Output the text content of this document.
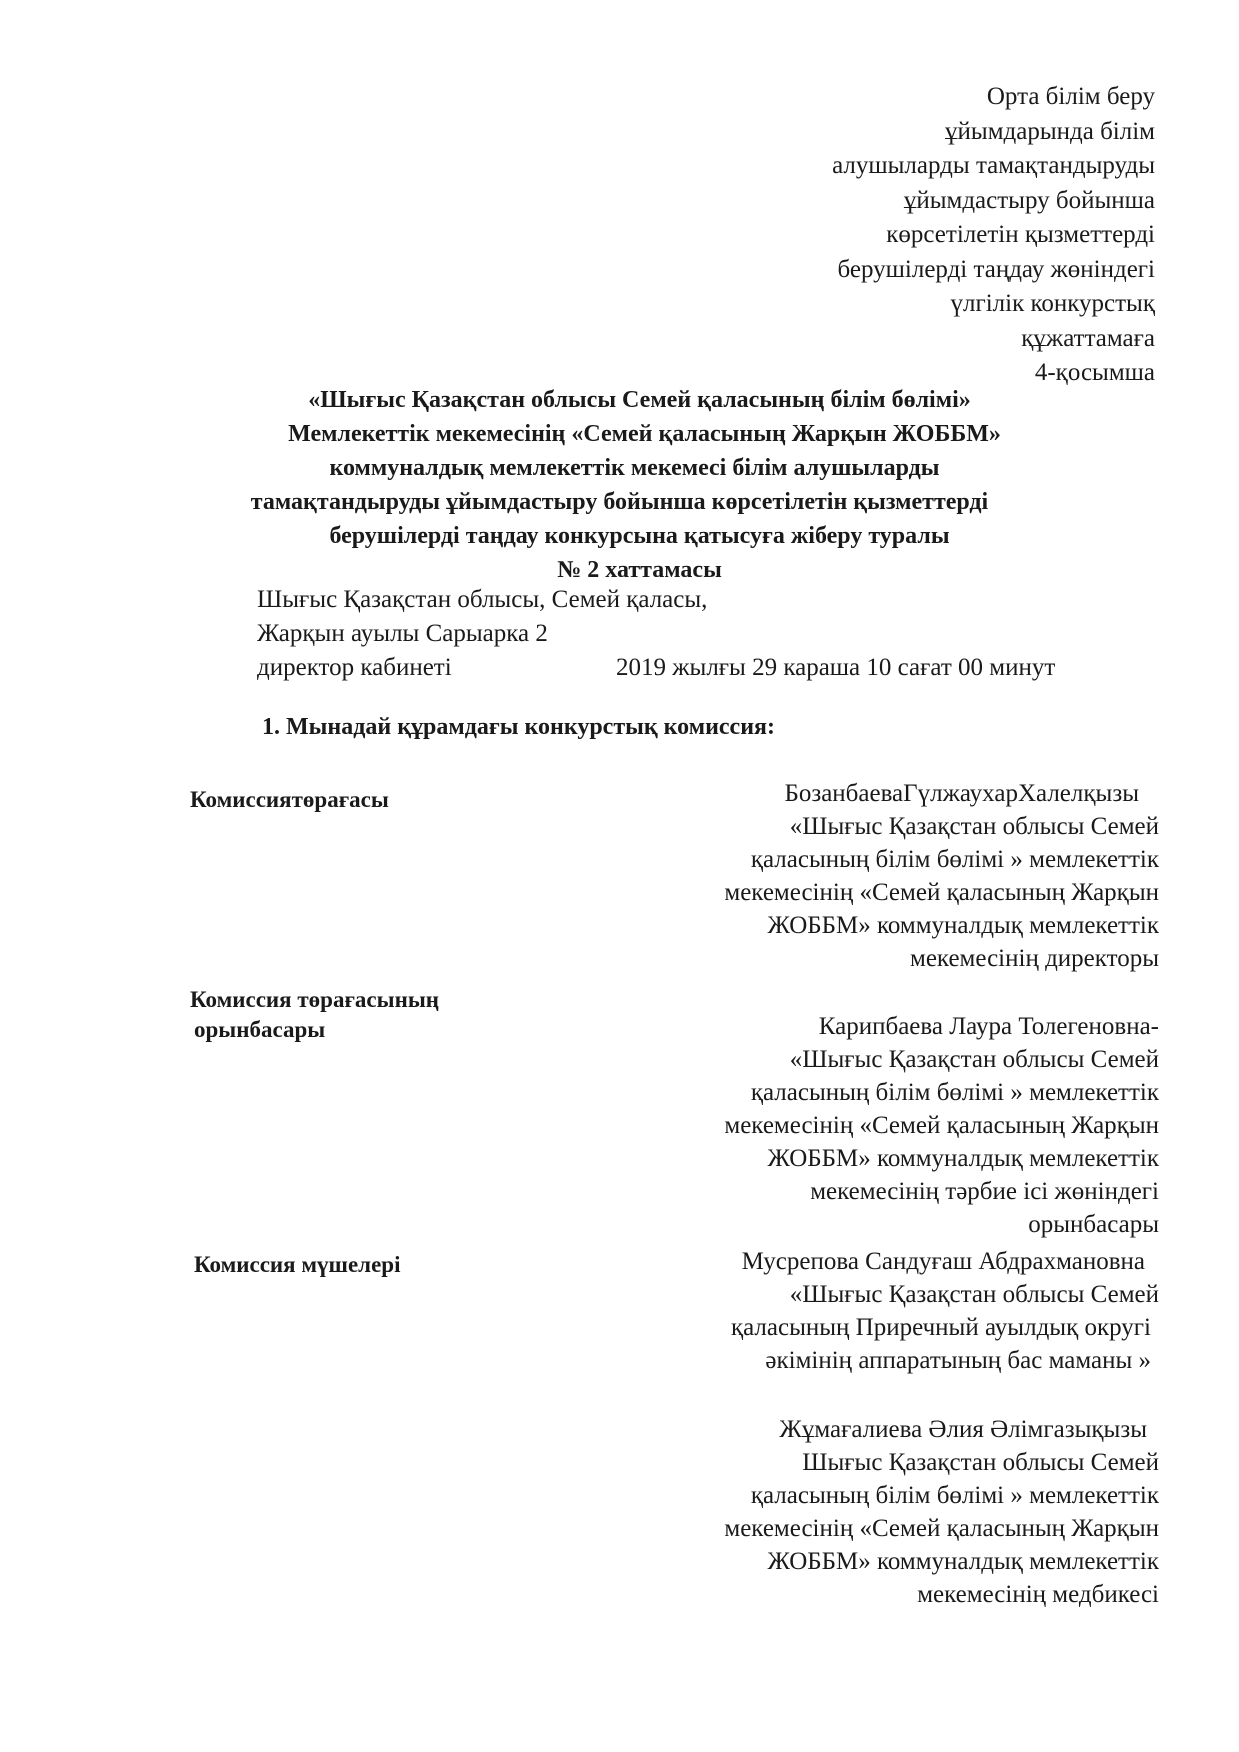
Орта білім беру
ұйымдарында білім
алушыларды тамақтандыруды
ұйымдастыру бойынша
көрсетілетін қызметтерді
берушілерді таңдау жөніндегі
үлгілік конкурстық
құжаттамаға
4-қосымша
«Шығыс Қазақстан облысы Семей қаласының білім бөлімі»
Мемлекеттік мекемесінің «Семей қаласының Жарқын ЖОББМ»
коммуналдық мемлекеттік мекемесі білім алушыларды
тамақтандыруды ұйымдастыру бойынша көрсетілетін қызметтерді
берушілерді таңдау конкурсына қатысуға жіберу туралы
№ 2 хаттамасы
Шығыс Қазақстан облысы, Семей қаласы,
Жарқын ауылы Сарыарка 2
директор кабинеті	2019 жылғы 29 караша 10 сағат 00 минут
1. Мынадай құрамдағы конкурстық комиссия:
Комиссиятөрағасы	БозанбаеваГүлжаухарХалелқызы
«Шығыс Қазақстан облысы Семей
қаласының білім бөлімі » мемлекеттік
мекемесінің «Семей қаласының Жарқын
ЖОББМ» коммуналдық мемлекеттік
мекемесінің директоры
Комиссия төрағасының
орынбасары	Карипбаева Лаура Толегеновна-
«Шығыс Қазақстан облысы Семей
қаласының білім бөлімі » мемлекеттік
мекемесінің «Семей қаласының Жарқын
ЖОББМ» коммуналдық мемлекеттік
мекемесінің тәрбие ісі жөніндегі
орынбасары
Комиссия мүшелері	Мусрепова Сандуғаш Абдрахмановна
«Шығыс Қазақстан облысы Семей
қаласының Приречный ауылдық округі
әкімінің аппаратының бас маманы »
Жұмағалиева Әлия Әлімгазықызы
Шығыс Қазақстан облысы Семей
қаласының білім бөлімі » мемлекеттік
мекемесінің «Семей қаласының Жарқын
ЖОББМ» коммуналдық мемлекеттік
мекемесінің медбикесі
